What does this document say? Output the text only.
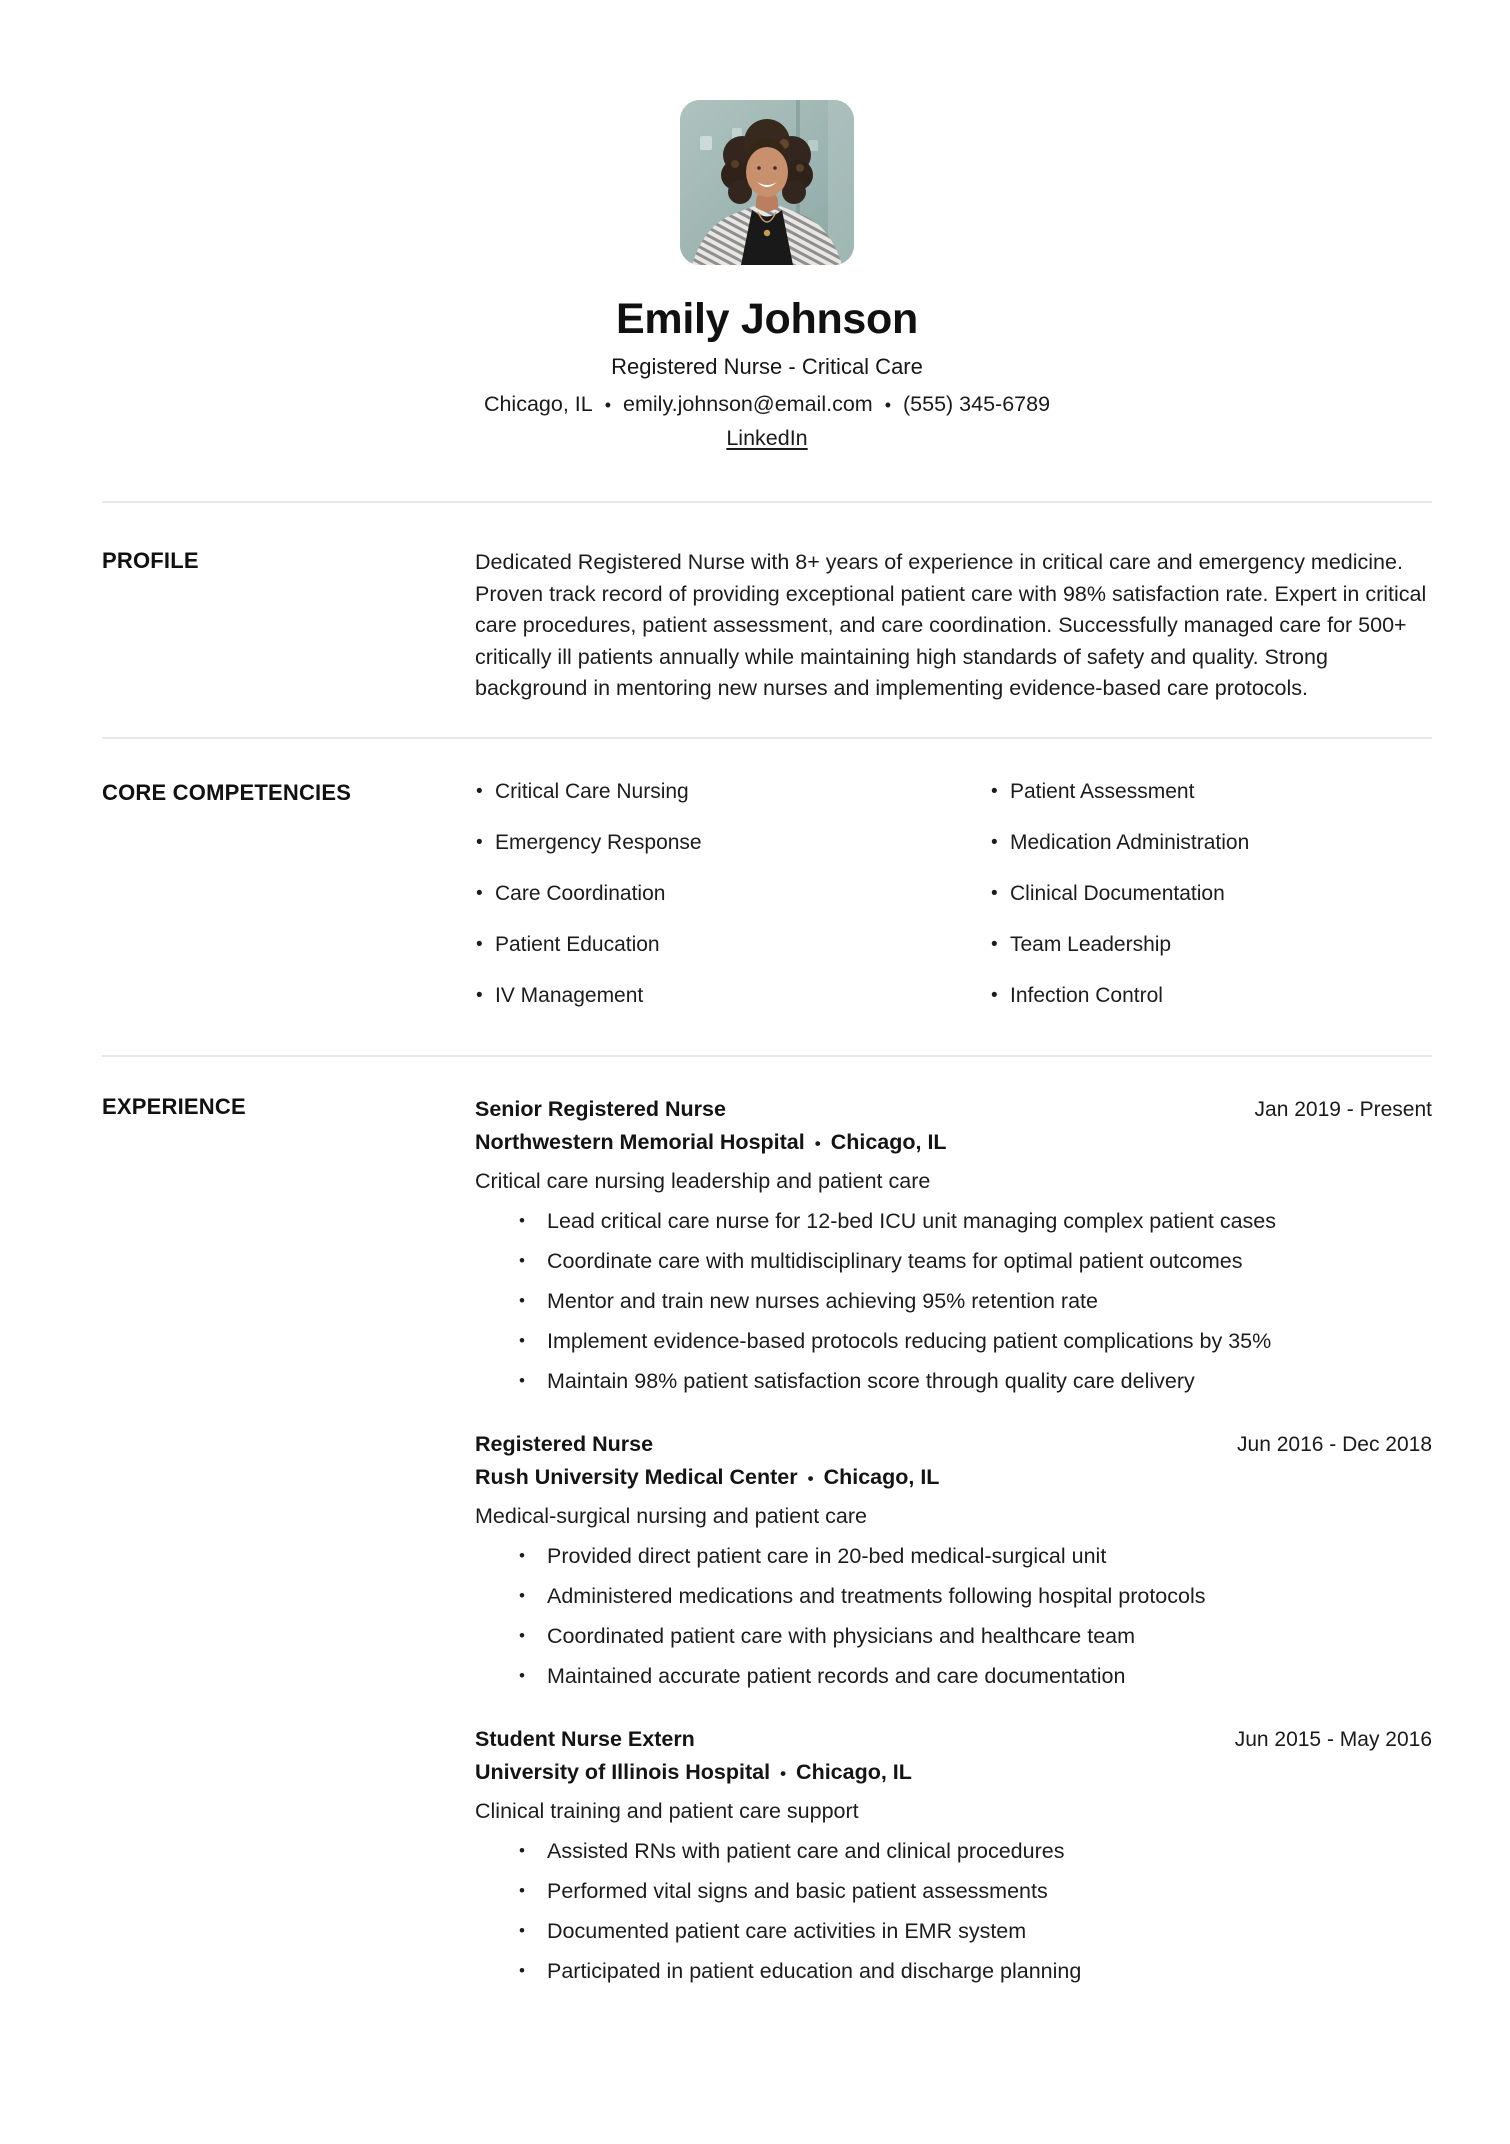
Emily Johnson
Registered Nurse - Critical Care
Chicago, IL • emily.johnson@email.com • (555) 345-6789
LinkedIn
PROFILE	Dedicated Registered Nurse with 8+ years of experience in critical care and emergency medicine. Proven track record of providing exceptional patient care with 98% satisfaction rate. Expert in critical care procedures, patient assessment, and care coordination. Successfully managed care for 500+ critically ill patients annually while maintaining high standards of safety and quality. Strong background in mentoring new nurses and implementing evidence-based care protocols.

CORE COMPETENCIES	• Critical Care Nursing
• Emergency Response
• Care Coordination
• Patient Education
• IV Management
• Patient Assessment
• Medication Administration
• Clinical Documentation
• Team Leadership
• Infection Control
EXPERIENCE	Senior Registered Nurse	Jan 2019 - Present
Northwestern Memorial Hospital • Chicago, IL

Critical care nursing leadership and patient care

• Lead critical care nurse for 12-bed ICU unit managing complex patient cases
• Coordinate care with multidisciplinary teams for optimal patient outcomes
• Mentor and train new nurses achieving 95% retention rate
• Implement evidence-based protocols reducing patient complications by 35%
• Maintain 98% patient satisfaction score through quality care delivery
Registered Nurse	Jun 2016 - Dec 2018
Rush University Medical Center • Chicago, IL

Medical-surgical nursing and patient care

• Provided direct patient care in 20-bed medical-surgical unit
• Administered medications and treatments following hospital protocols
• Coordinated patient care with physicians and healthcare team
• Maintained accurate patient records and care documentation
Student Nurse Extern	Jun 2015 - May 2016
University of Illinois Hospital • Chicago, IL

Clinical training and patient care support

• Assisted RNs with patient care and clinical procedures
• Performed vital signs and basic patient assessments
• Documented patient care activities in EMR system
• Participated in patient education and discharge planning
